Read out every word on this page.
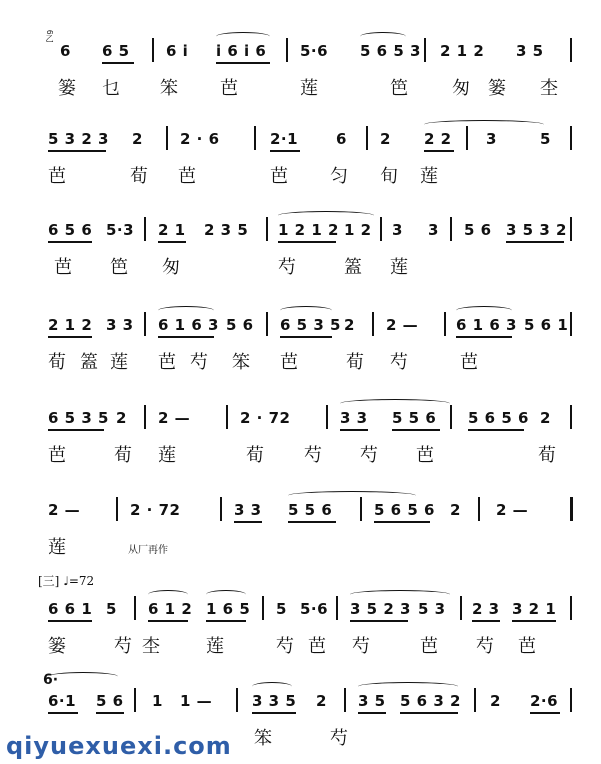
6 6 5 6 i i 6 i 6 5·6 5 6 5 3 2 1 2 3 5
篓 乜 笨 芭	莲	笆 匆 篓 杢
6乙
5 3 2 3 2 2 · 6	2·1	6 2 2 2 3	5
芭	荀 芭	芭 匀 旬 莲
6 5 6 5·3 2 1 2 3 5 1 2 1 2 1 2 3 3 5 6 3 5 3 2
芭 笆 匆	芍	篕 莲
2 1 2 3 3 6 1 6 3 5 6 6 5 3 5 2 2 —	6 1 6 3 5 6 1
荀 篕 莲 芭 芍 笨 芭	荀 芍	芭
6 5 3 5 2 2 —	2 · 72	3 3 5 5 6 5 6 5 6 2
芭	荀 莲	荀 芍 芍 芭	荀
2 —	2 · 72	3 3 5 5 6	5 6 5 6 2 2 —
莲	从厂再作
[三] ♩=72
6 6 1 5 6 1 2 1 6 5 5 5·6 3 5 2 3 5 3 2 3 3 2 1
篓	芍 杢	莲	芍 芭 芍	芭 芍 芭
6·1 5 6 1 1 —	3 3 5 2 3 5 5 6 3 2 2 2·6
笨	芍
6·
qiyuexuexi.com
